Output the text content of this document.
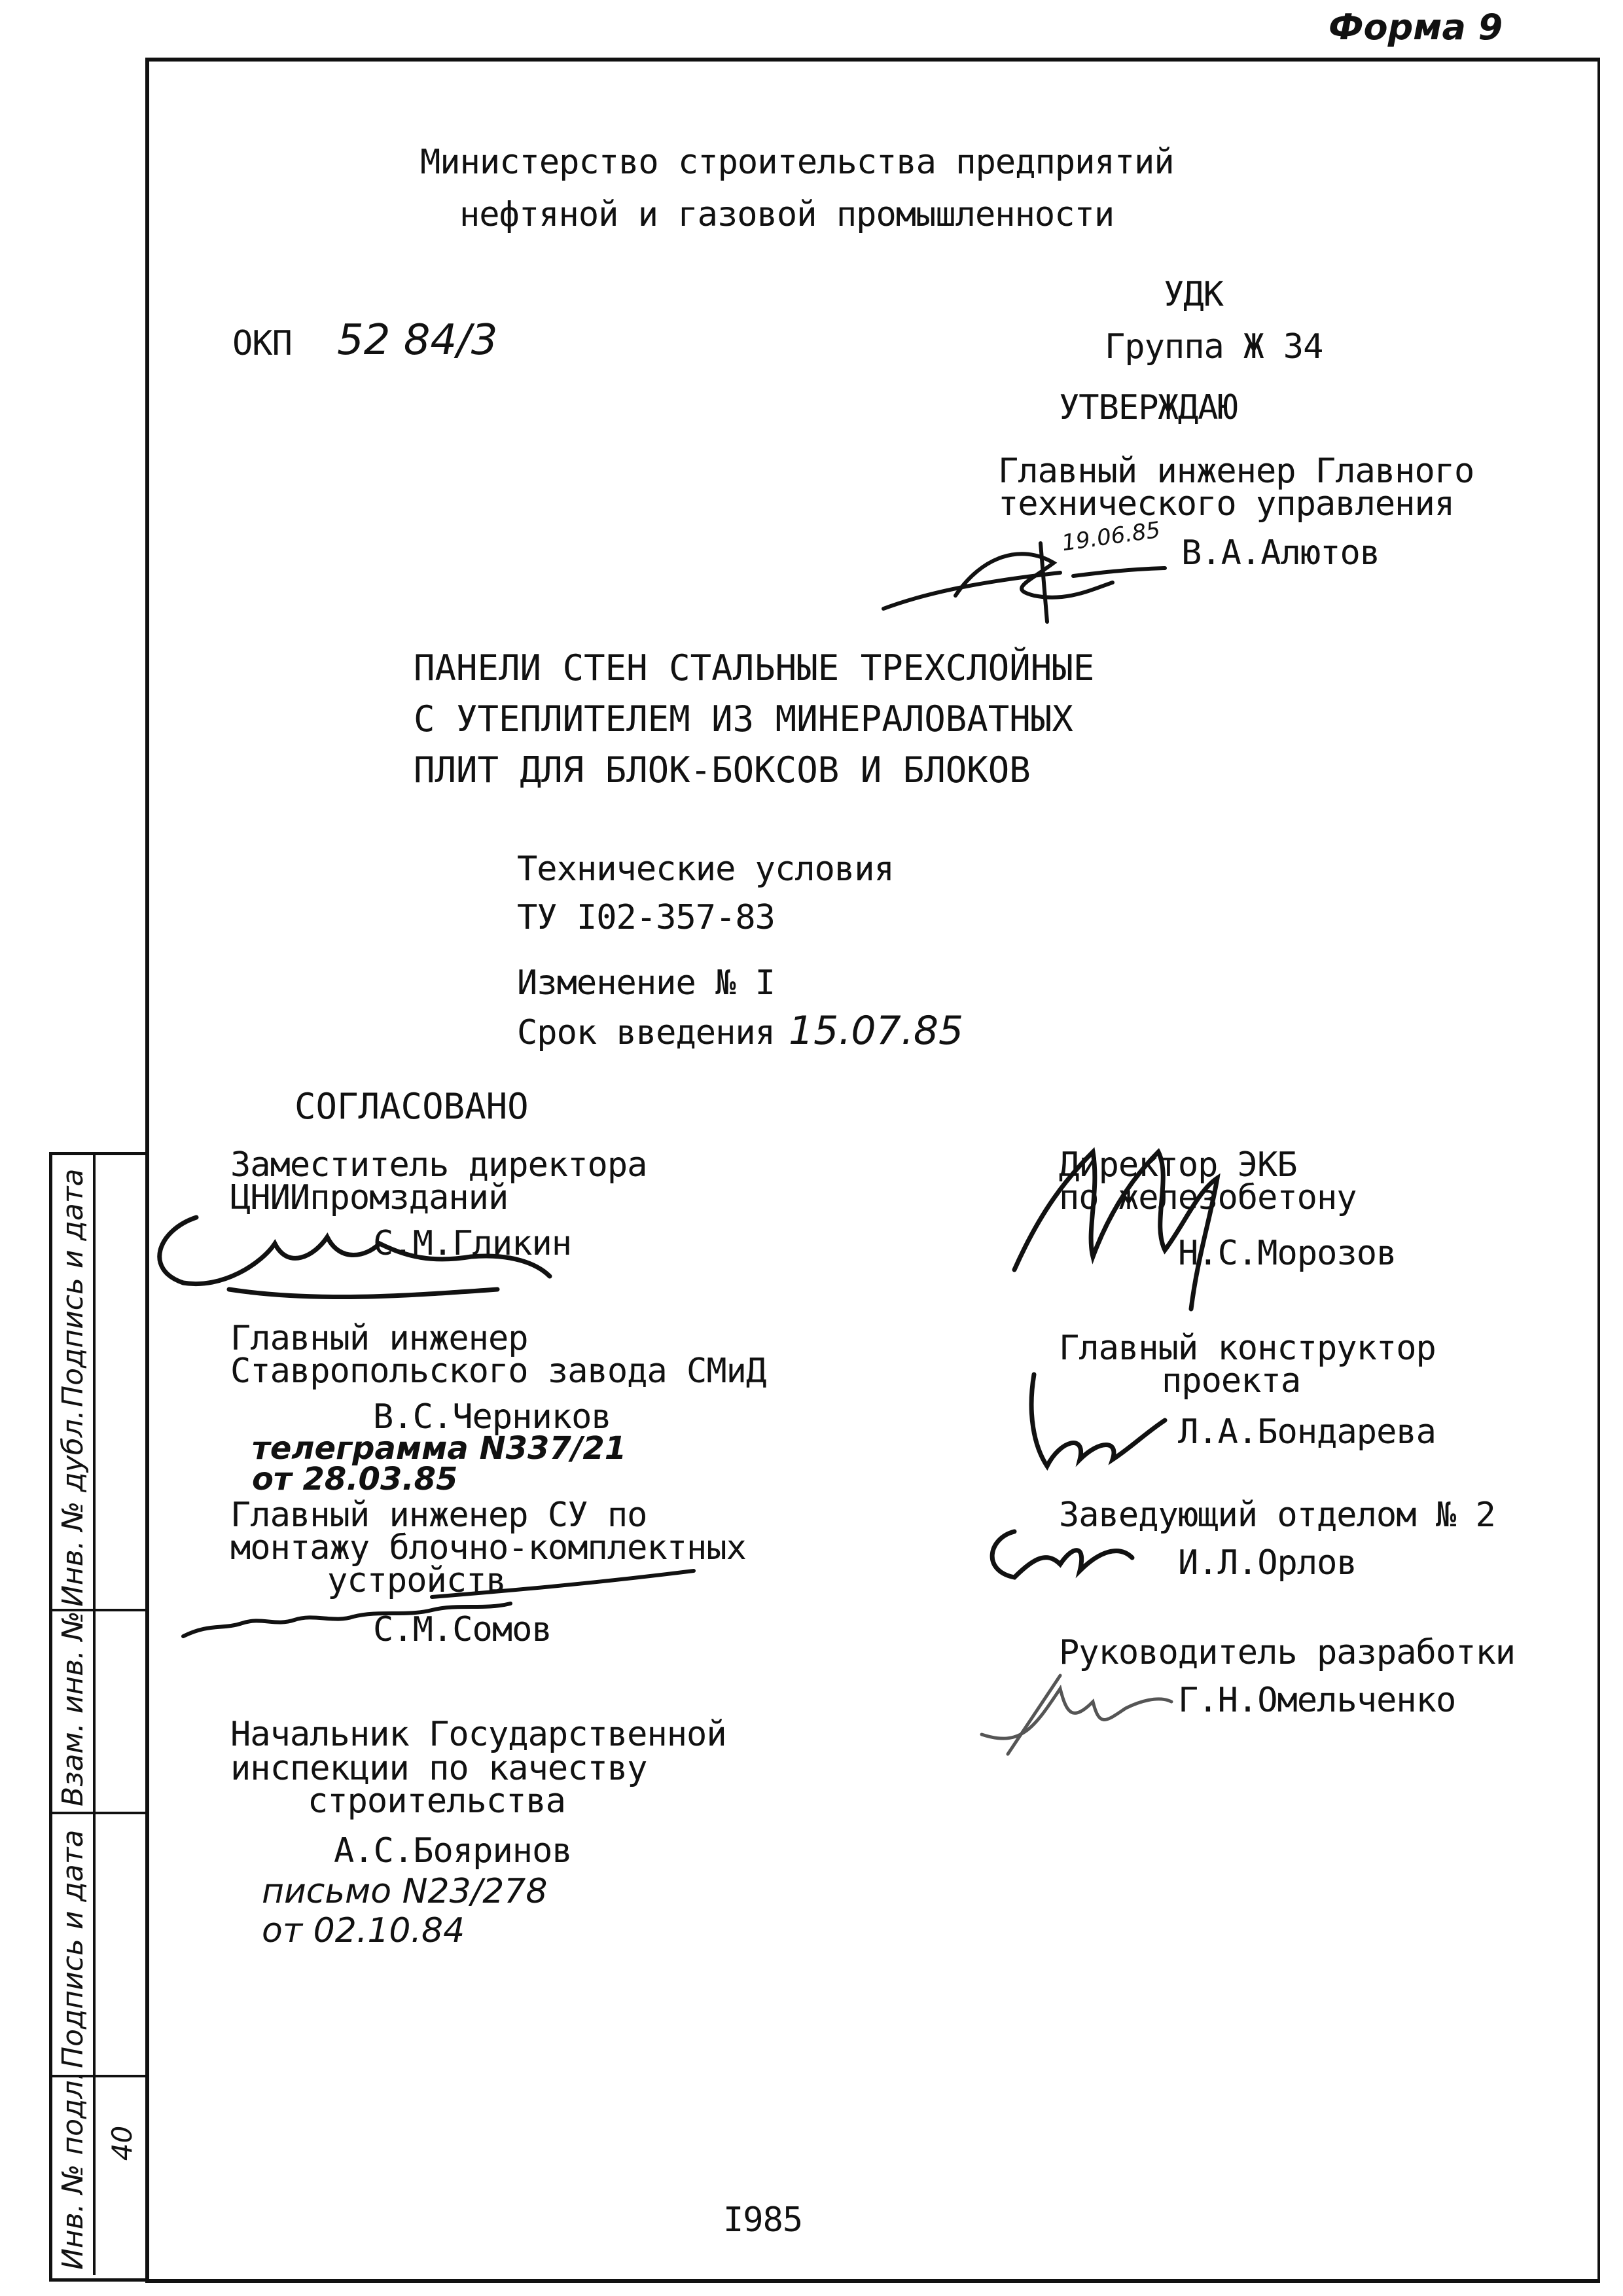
Форма 9
Министерство строительства предприятий
нефтяной и газовой промышленности
УДК
ОКП 52 84/3	Группа Ж 34
УТВЕРЖДАЮ
Главный инженер Главного
технического управления
19.06.85 В.А.Алютов
ПАНЕЛИ СТЕН СТАЛЬНЫЕ ТРЕХСЛОЙНЫЕ
С УТЕПЛИТЕЛЕМ ИЗ МИНЕРАЛОВАТНЫХ
ПЛИТ ДЛЯ БЛОК-БОКСОВ И БЛОКОВ
Технические условия
ТУ I02-357-83
Изменение № I
Срок введения 15.07.85
СОГЛАСОВАНО
Заместитель директора
ЦНИИпромзданий
С.М.Гликин
Главный инженер
Ставропольского завода СМиД
В.С.Черников
телеграмма N337/21
от 28.03.85
Главный инженер СУ по
монтажу блочно-комплектных
устройств
С.М.Сомов
Начальник Государственной
инспекции по качеству
строительства
А.С.Бояринов
письмо N23/278
от 02.10.84
Директор ЭКБ
по железобетону
Н.С.Морозов
Главный конструктор
проекта
Л.А.Бондарева
Заведующий отделом № 2
И.Л.Орлов
Руководитель разработки
Г.Н.Омельченко
I985
Подпись и дата
Инв. № дубл.
Взам. инв. №
Подпись и дата
Инв. № подл. 40
